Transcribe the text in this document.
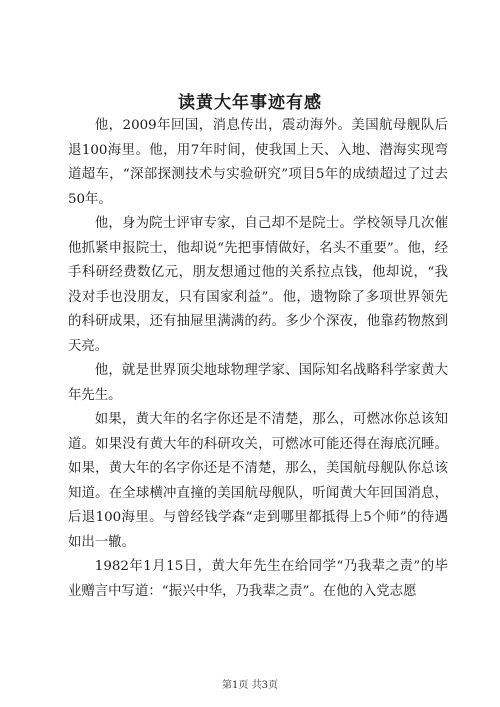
读黄大年事迹有感

他，2009年回国，消息传出，震动海外。美国航母舰队后退100海里。他，用7年时间，使我国上天、入地、潜海实现弯道超车，“深部探测技术与实验研究”项目5年的成绩超过了过去50年。

他，身为院士评审专家，自己却不是院士。学校领导几次催他抓紧申报院士，他却说“先把事情做好，名头不重要”。他，经手科研经费数亿元，朋友想通过他的关系拉点钱，他却说，“我没对手也没朋友，只有国家利益”。他，遗物除了多项世界领先的科研成果，还有抽屉里满满的药。多少个深夜，他靠药物熬到天亮。

他，就是世界顶尖地球物理学家、国际知名战略科学家黄大年先生。

如果，黄大年的名字你还是不清楚，那么，可燃冰你总该知道。如果没有黄大年的科研攻关，可燃冰可能还得在海底沉睡。如果，黄大年的名字你还是不清楚，那么，美国航母舰队你总该知道。在全球横冲直撞的美国航母舰队，听闻黄大年回国消息，后退100海里。与曾经钱学森“走到哪里都抵得上5个师”的待遇如出一辙。

1982年1月15日，黄大年先生在给同学“乃我辈之责”的毕业赠言中写道：“振兴中华，乃我辈之责”。在他的入党志愿

第1页 共3页
